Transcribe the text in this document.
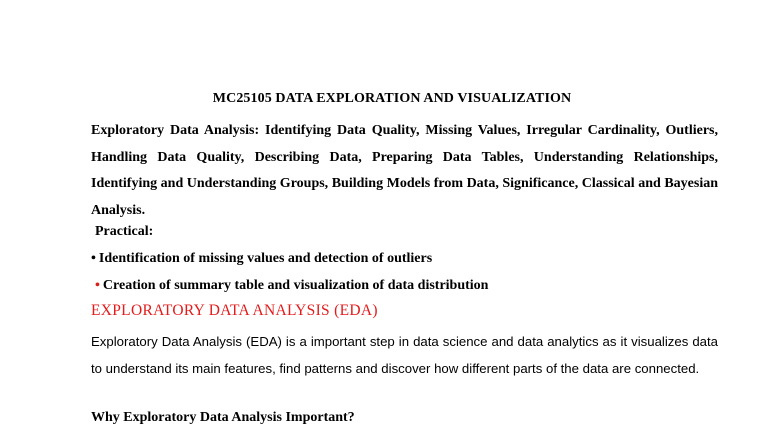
MC25105 DATA EXPLORATION AND VISUALIZATION
Exploratory Data Analysis: Identifying Data Quality, Missing Values, Irregular Cardinality, Outliers, Handling Data Quality, Describing Data, Preparing Data Tables, Understanding Relationships, Identifying and Understanding Groups, Building Models from Data, Significance, Classical and Bayesian Analysis.
Practical:
• Identification of missing values and detection of outliers
• Creation of summary table and visualization of data distribution
EXPLORATORY DATA ANALYSIS (EDA)
Exploratory Data Analysis (EDA) is a important step in data science and data analytics as it visualizes data to understand its main features, find patterns and discover how different parts of the data are connected.
Why Exploratory Data Analysis Important?
